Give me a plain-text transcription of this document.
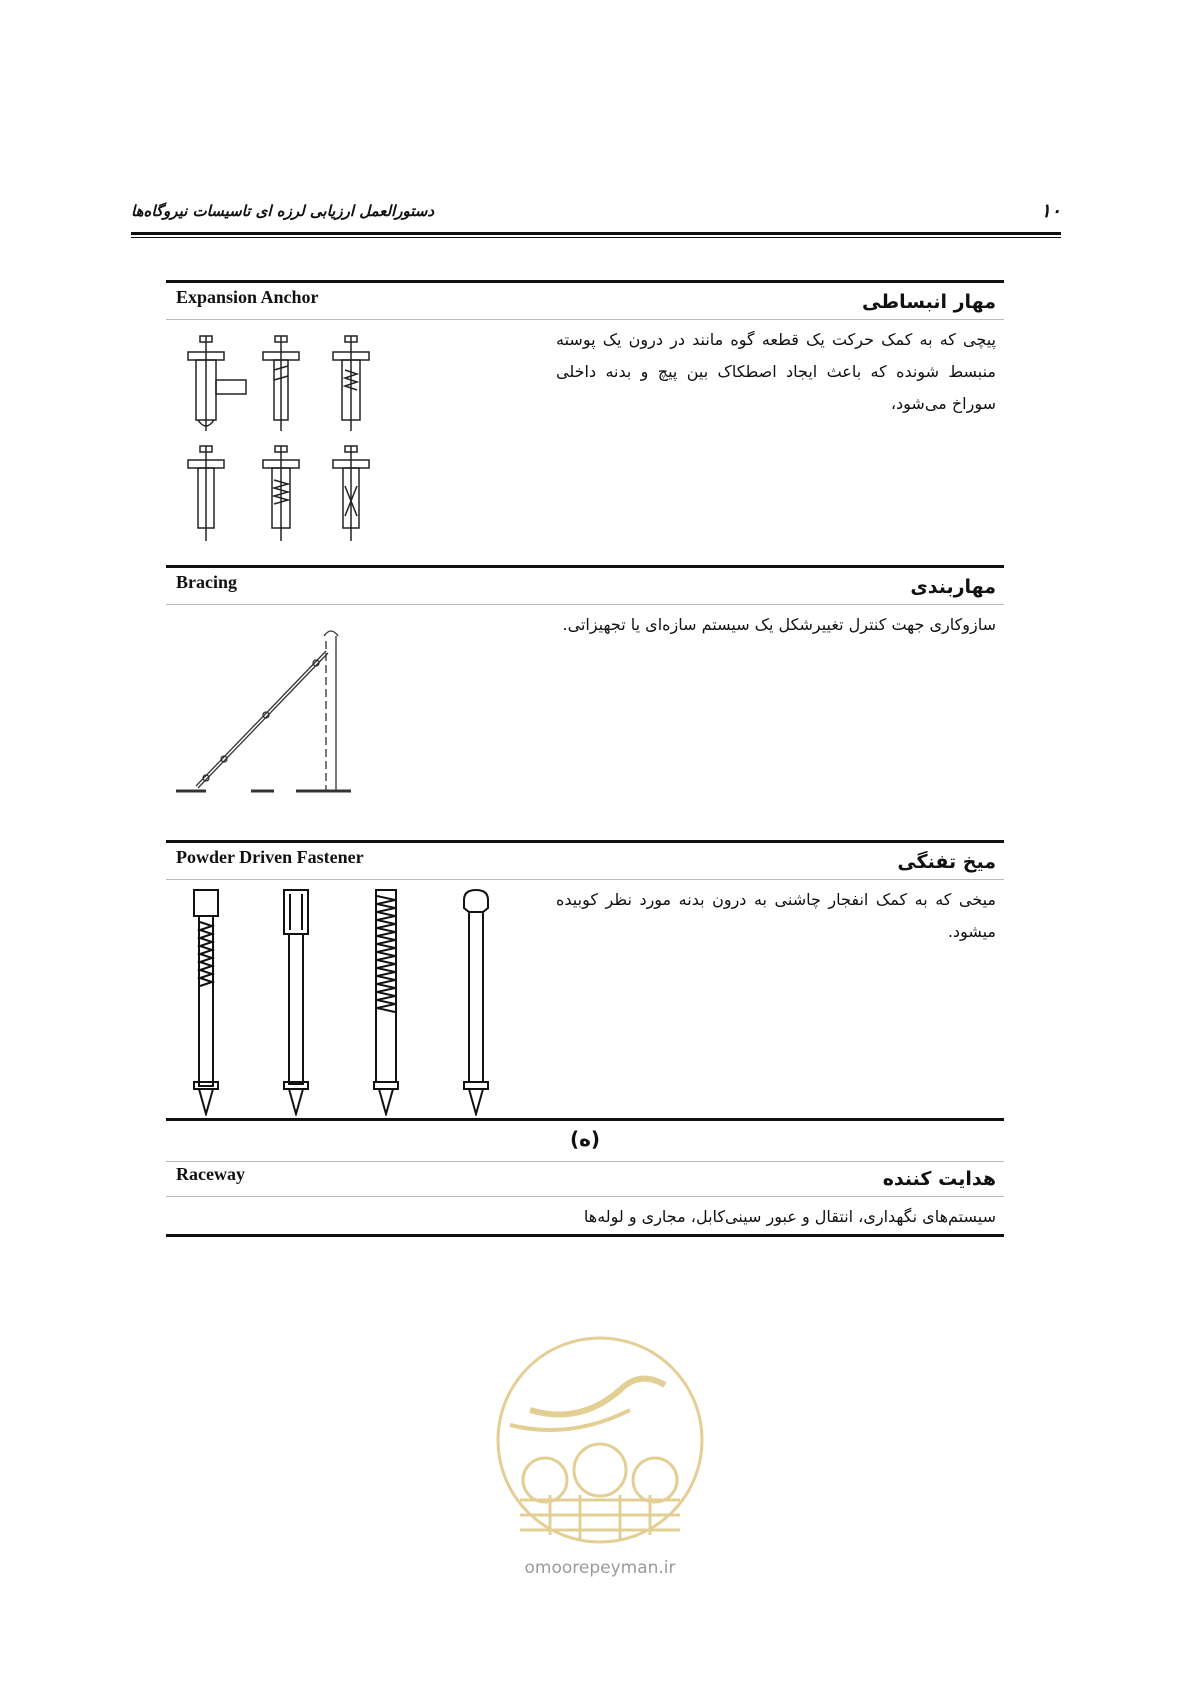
۱۰
دستورالعمل ارزیابی لرزه ای تاسیسات نیروگاه‌ها
Expansion Anchor	مهار انبساطی
پیچی که به کمک حرکت یک قطعه گوه مانند در درون یک پوسته منبسط شونده که باعث ایجاد اصطکاک بین پیچ و بدنه داخلی سوراخ می‌شود،
Bracing	مهاربندی
سازوکاری جهت کنترل تغییرشکل یک سیستم سازه‌ای یا تجهیزاتی.
Powder Driven Fastener	میخ تفنگی
میخی که به کمک انفجار چاشنی به درون بدنه مورد نظر کوبیده میشود.
(ه)
Raceway	هدایت کننده
سیستم‌های نگهداری، انتقال و عبور سینی‌کابل، مجاری و لوله‌ها
omoorepeyman.ir
